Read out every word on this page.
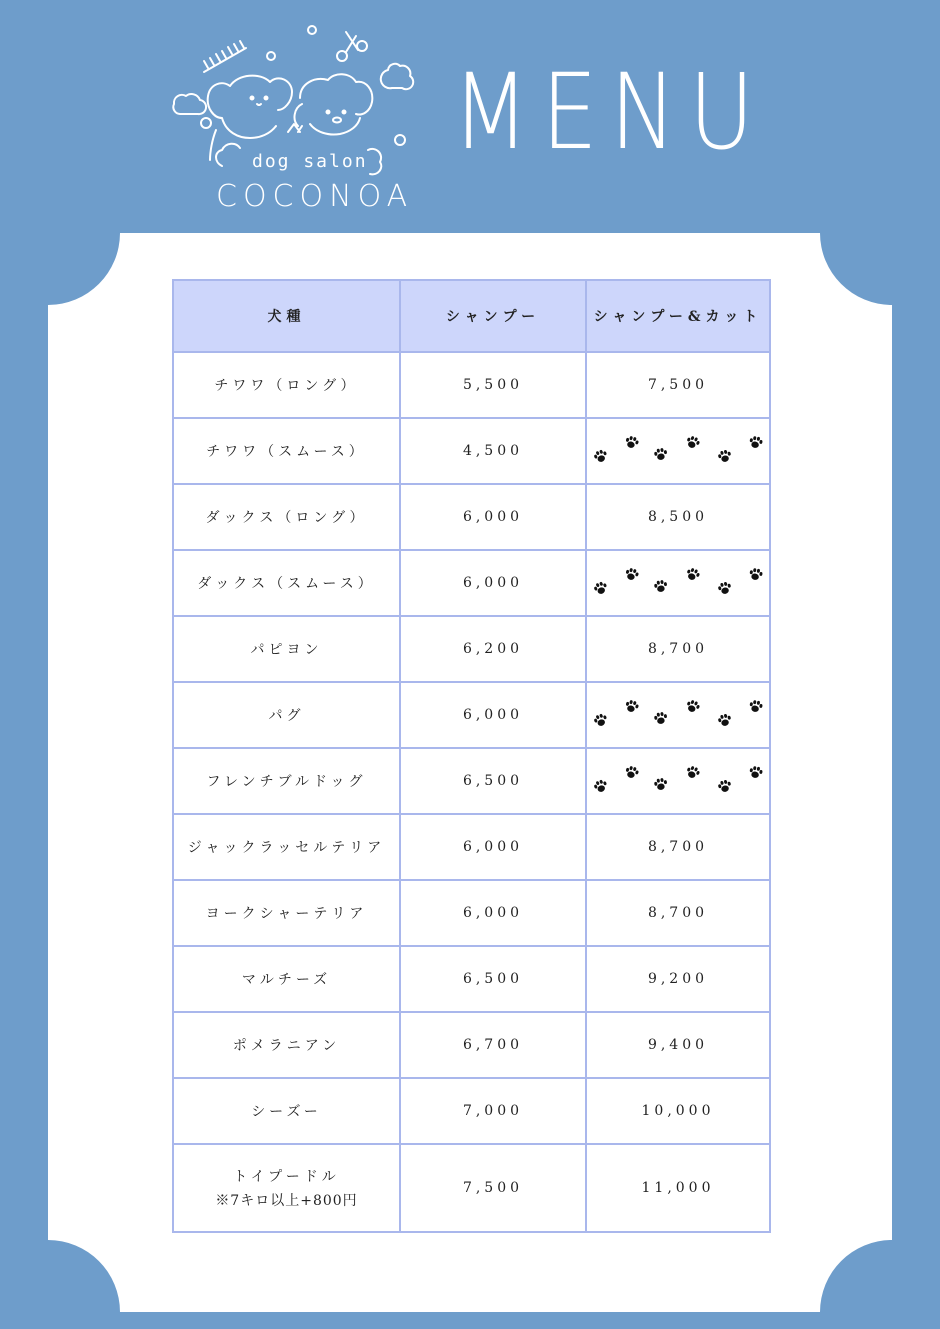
dog salon
COCONOA
MENU
犬種	シャンプー	シャンプー&カット
チワワ（ロング）	5,500	7,500
チワワ（スムース）	4,500	

ダックス（ロング）	6,000	8,500
ダックス（スムース）	6,000	

パピヨン	6,200	8,700
パグ	6,000	

フレンチブルドッグ	6,500	

ジャックラッセルテリア	6,000	8,700
ヨークシャーテリア	6,000	8,700
マルチーズ	6,500	9,200
ポメラニアン	6,700	9,400
シーズー	7,000	10,000
トイプードル
※7キロ以上+800円	7,500	11,000
